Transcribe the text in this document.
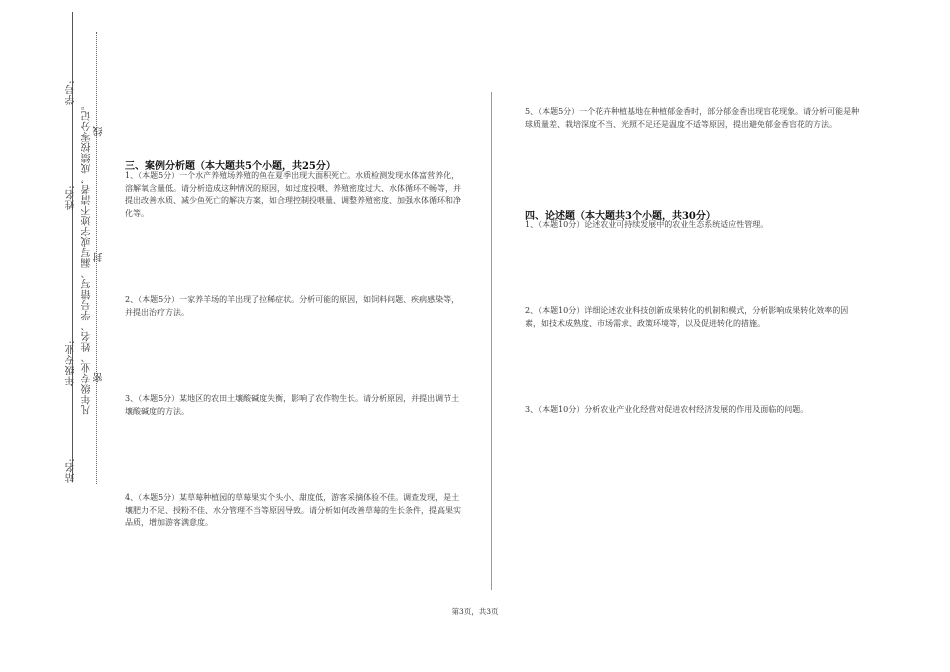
学号:
姓名:
年级专业:
站名:
凡年级专业、姓名、学号错写、漏写或字迹不清者，成绩按零分记。 密
封
线
三、案例分析题（本大题共5个小题，共25分）
1、（本题5分）一个水产养殖场养殖的鱼在夏季出现大面积死亡。水质检测发现水体富营养化，溶解氧含量低。请分析造成这种情况的原因，如过度投喂、养殖密度过大、水体循环不畅等，并提出改善水质、减少鱼死亡的解决方案，如合理控制投喂量、调整养殖密度、加强水体循环和净化等。
2、（本题5分）一家养羊场的羊出现了拉稀症状。分析可能的原因，如饲料问题、疾病感染等，并提出治疗方法。
3、（本题5分）某地区的农田土壤酸碱度失衡，影响了农作物生长。请分析原因，并提出调节土壤酸碱度的方法。
4、（本题5分）某草莓种植园的草莓果实个头小、甜度低，游客采摘体验不佳。调查发现，是土壤肥力不足、授粉不佳、水分管理不当等原因导致。请分析如何改善草莓的生长条件，提高果实品质，增加游客满意度。
5、（本题5分）一个花卉种植基地在种植郁金香时，部分郁金香出现盲花现象。请分析可能是种球质量差、栽培深度不当、光照不足还是温度不适等原因，提出避免郁金香盲花的方法。
四、论述题（本大题共3个小题，共30分）
1、（本题10分）论述农业可持续发展中的农业生态系统适应性管理。
2、（本题10分）详细论述农业科技创新成果转化的机制和模式，分析影响成果转化效率的因素，如技术成熟度、市场需求、政策环境等，以及促进转化的措施。
3、（本题10分）分析农业产业化经营对促进农村经济发展的作用及面临的问题。
第3页，共3页
